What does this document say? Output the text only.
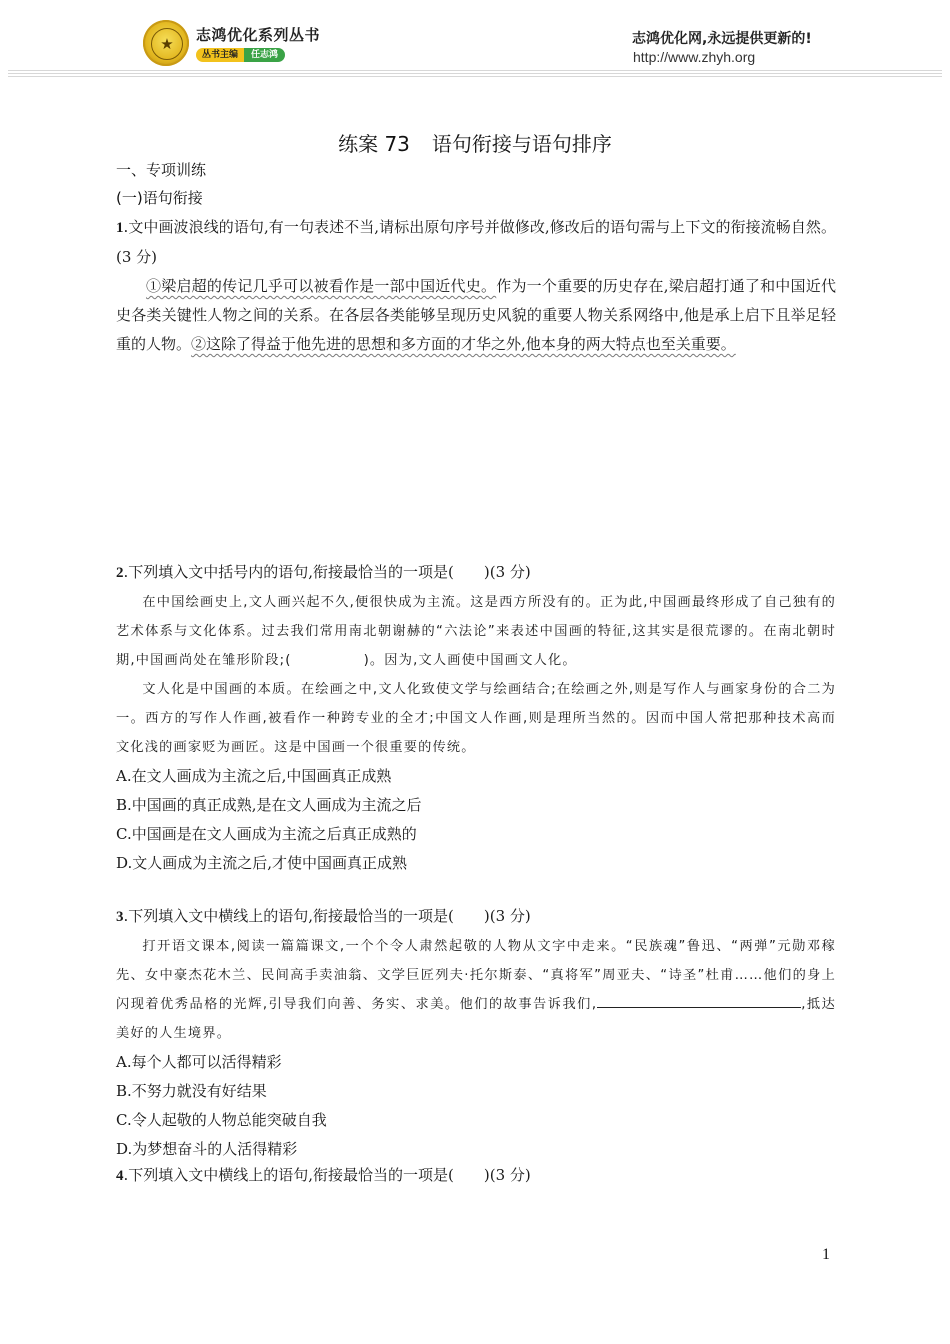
★	志鸿优化系列丛书
丛书主编	任志鸿
志鸿优化网,永远提供更新的!
http://www.zhyh.org
练案 73 语句衔接与语句排序
一、专项训练
(一)语句衔接
1.文中画波浪线的语句,有一句表述不当,请标出原句序号并做修改,修改后的语句需与上下文的衔接流畅自然。(3 分)
①梁启超的传记几乎可以被看作是一部中国近代史。作为一个重要的历史存在,梁启超打通了和中国近代史各类关键性人物之间的关系。在各层各类能够呈现历史风貌的重要人物关系网络中,他是承上启下且举足轻重的人物。②这除了得益于他先进的思想和多方面的才华之外,他本身的两大特点也至关重要。
2.下列填入文中括号内的语句,衔接最恰当的一项是(　　)(3 分)
在中国绘画史上,文人画兴起不久,便很快成为主流。这是西方所没有的。正为此,中国画最终形成了自己独有的艺术体系与文化体系。过去我们常用南北朝谢赫的“六法论”来表述中国画的特征,这其实是很荒谬的。在南北朝时期,中国画尚处在雏形阶段;(　　　　　)。因为,文人画使中国画文人化。
文人化是中国画的本质。在绘画之中,文人化致使文学与绘画结合;在绘画之外,则是写作人与画家身份的合二为一。西方的写作人作画,被看作一种跨专业的全才;中国文人作画,则是理所当然的。因而中国人常把那种技术高而文化浅的画家贬为画匠。这是中国画一个很重要的传统。
A.在文人画成为主流之后,中国画真正成熟
B.中国画的真正成熟,是在文人画成为主流之后
C.中国画是在文人画成为主流之后真正成熟的
D.文人画成为主流之后,才使中国画真正成熟
3.下列填入文中横线上的语句,衔接最恰当的一项是(　　)(3 分)
打开语文课本,阅读一篇篇课文,一个个令人肃然起敬的人物从文字中走来。“民族魂”鲁迅、“两弹”元勋邓稼先、女中豪杰花木兰、民间高手卖油翁、文学巨匠列夫·托尔斯泰、“真将军”周亚夫、“诗圣”杜甫……他们的身上闪现着优秀品格的光辉,引导我们向善、务实、求美。他们的故事告诉我们,	,抵达美好的人生境界。
A.每个人都可以活得精彩
B.不努力就没有好结果
C.令人起敬的人物总能突破自我
D.为梦想奋斗的人活得精彩
4.下列填入文中横线上的语句,衔接最恰当的一项是(　　)(3 分)
1
